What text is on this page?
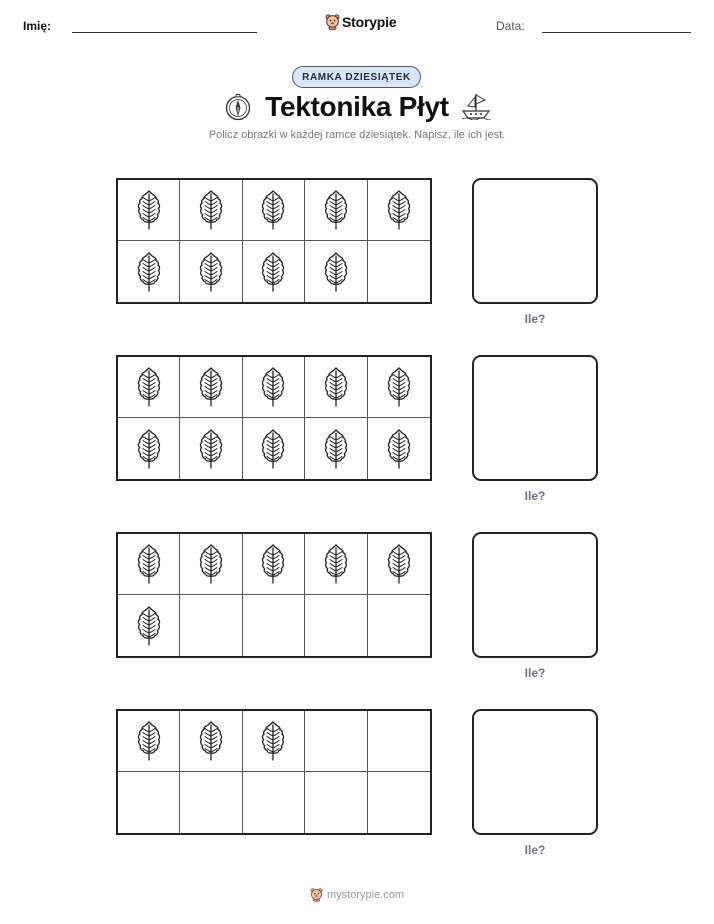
Imię:	Storypie	Data:
RAMKA DZIESIĄTEK
Tektonika Płyt
Policz obrazki w każdej ramce dziesiątek. Napisz, ile ich jest.
Ile?
Ile?
Ile?
Ile?
mystorypie.com
